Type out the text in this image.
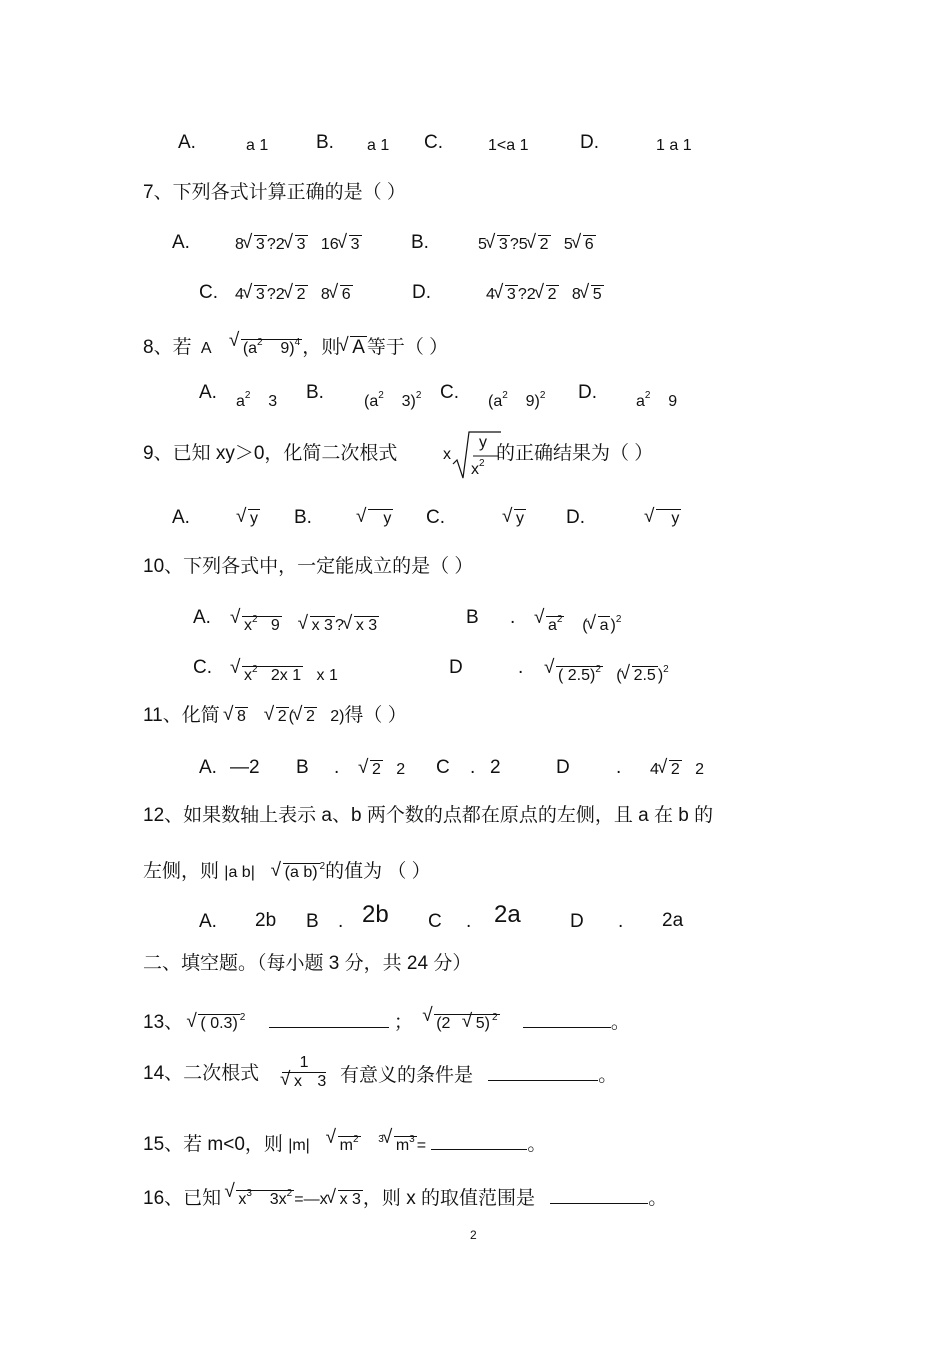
A.	a 1	B. a 1 C.	1<a 1	D.	1 a 1
7、下列各式计算正确的是（ ）
A.	8 √ 3 ?2 √ 3 16 √ 3	B.	5 √ 3 ?5 √ 2 5 √ 6
C. 4 √ 3 ?2 √ 2 8 √ 6	D.	4 √ 3 ?2 √ 2 8 √ 5
8、若 A √ ($a^2$ 9)$^4$ ，则 √ A 等于（ ）
A. $a^2$ 3 B.	($a^2$ 3)$^2$ C. ($a^2$ 9)$^2$ D. $a^2$ 9
9、已知 xy＞0，化简二次根式	x
y
$x^2$ 的正确结果为（ ）
A.	√ y B.	√    y C.	√ y D.	√    y
10、下列各式中，一定能成立的是（ ）
A.	√ $x^2$ 9 √ x 3 ? √ x 3	B .	√ $a^2$    ( √ a )$^2$
C.	√ $x^2$ 2x 1 x 1	D	.	√ ( 2.5)$^2$   ( √ 2.5 )$^2$
11、化简 √ 8 √ 2 ( √ 2 2)得（ ）
A. —2 B .	√ 2 2 C . 2	D . 4 √ 2 2
12、如果数轴上表示 a、b 两个数的点都在原点的左侧，且 a 在 b 的
左侧，则 |a b| √ (a b) $^2$的值为 （ ）
A. 2b B . 2b C . 2a	D . 2a
二、填空题。（每小题 3 分，共 24 分）
13、 √ ( 0.3) $^2$	； √ (2 √ 5) $^2$	。
14、二次根式 1
√ x 3 有意义的条件是	。
15、若 m<0，则 |m| √ $m^2$ $^3$ √ $m^3$ =	。
16、已知 √ $x^3$ $3x^2$ =—x √ x 3 ，则 x 的取值范围是	。
2
